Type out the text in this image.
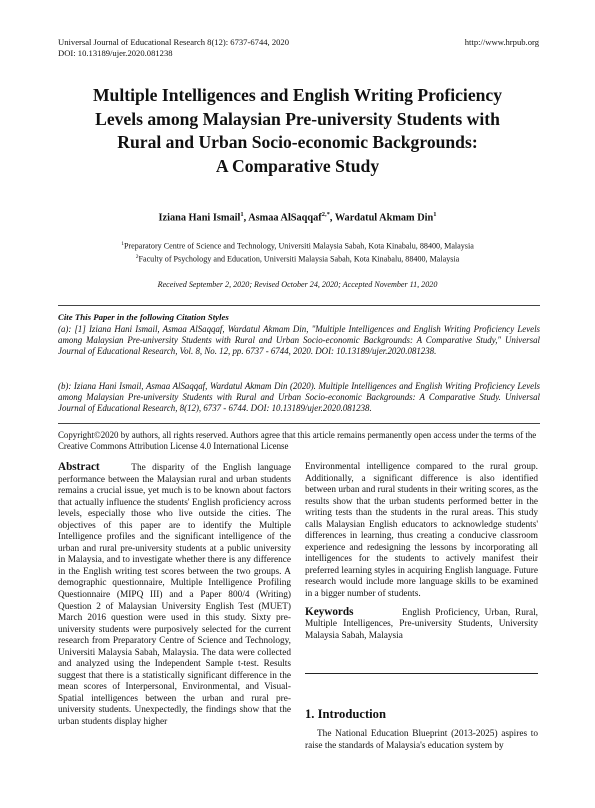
Universal Journal of Educational Research 8(12): 6737-6744, 2020
DOI: 10.13189/ujer.2020.081238
http://www.hrpub.org
Multiple Intelligences and English Writing Proficiency
Levels among Malaysian Pre-university Students with
Rural and Urban Socio-economic Backgrounds:
A Comparative Study
Iziana Hani Ismail$^1$, Asmaa AlSaqqaf$^{2,*}$, Wardatul Akmam Din$^1$
$^1$Preparatory Centre of Science and Technology, Universiti Malaysia Sabah, Kota Kinabalu, 88400, Malaysia
$^2$Faculty of Psychology and Education, Universiti Malaysia Sabah, Kota Kinabalu, 88400, Malaysia
Received September 2, 2020; Revised October 24, 2020; Accepted November 11, 2020
Cite This Paper in the following Citation Styles
(a): [1] Iziana Hani Ismail, Asmaa AlSaqqaf, Wardatul Akmam Din, "Multiple Intelligences and English Writing Proficiency Levels among Malaysian Pre-university Students with Rural and Urban Socio-economic Backgrounds: A Comparative Study," Universal Journal of Educational Research, Vol. 8, No. 12, pp. 6737 - 6744, 2020. DOI: 10.13189/ujer.2020.081238.
(b): Iziana Hani Ismail, Asmaa AlSaqqaf, Wardatul Akmam Din (2020). Multiple Intelligences and English Writing Proficiency Levels among Malaysian Pre-university Students with Rural and Urban Socio-economic Backgrounds: A Comparative Study. Universal Journal of Educational Research, 8(12), 6737 - 6744. DOI: 10.13189/ujer.2020.081238.
Copyright©2020 by authors, all rights reserved. Authors agree that this article remains permanently open access under the terms of the Creative Commons Attribution License 4.0 International License

Abstract	The disparity of the English language performance between the Malaysian rural and urban students remains a crucial issue, yet much is to be known about factors that actually influence the students' English proficiency across levels, especially those who live outside the cities. The objectives of this paper are to identify the Multiple Intelligence profiles and the significant intelligence of the urban and rural pre-university students at a public university in Malaysia, and to investigate whether there is any difference in the English writing test scores between the two groups. A demographic questionnaire, Multiple Intelligence Profiling Questionnaire (MIPQ III) and a Paper 800/4 (Writing) Question 2 of Malaysian University English Test (MUET) March 2016 question were used in this study. Sixty pre-university students were purposively selected for the current research from Preparatory Centre of Science and Technology, Universiti Malaysia Sabah, Malaysia. The data were collected and analyzed using the Independent Sample t-test. Results suggest that there is a statistically significant difference in the mean scores of Interpersonal, Environmental, and Visual-Spatial intelligences between the urban and rural pre-university students. Unexpectedly, the findings show that the urban students display higher

Environmental intelligence compared to the rural group. Additionally, a significant difference is also identified between urban and rural students in their writing scores, as the results show that the urban students performed better in the writing tests than the students in the rural areas. This study calls Malaysian English educators to acknowledge students' differences in learning, thus creating a conducive classroom experience and redesigning the lessons by incorporating all intelligences for the students to actively manifest their preferred learning styles in acquiring English language. Future research would include more language skills to be examined in a bigger number of students.

Keywords	English Proficiency, Urban, Rural, Multiple Intelligences, Pre-university Students, University Malaysia Sabah, Malaysia

1. Introduction

The National Education Blueprint (2013-2025) aspires to raise the standards of Malaysia's education system by
